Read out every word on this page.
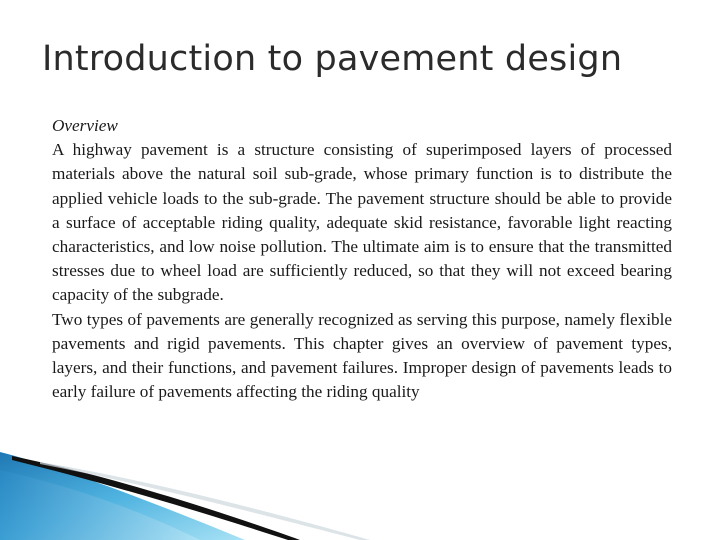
Introduction to pavement design

Overview

A highway pavement is a structure consisting of superimposed layers of processed materials above the natural soil sub-grade, whose primary function is to distribute the applied vehicle loads to the sub-grade. The pavement structure should be able to provide a surface of acceptable riding quality, adequate skid resistance, favorable light reacting characteristics, and low noise pollution. The ultimate aim is to ensure that the transmitted stresses due to wheel load are sufficiently reduced, so that they will not exceed bearing capacity of the subgrade.

Two types of pavements are generally recognized as serving this purpose, namely flexible pavements and rigid pavements. This chapter gives an overview of pavement types, layers, and their functions, and pavement failures. Improper design of pavements leads to early failure of pavements affecting the riding quality
